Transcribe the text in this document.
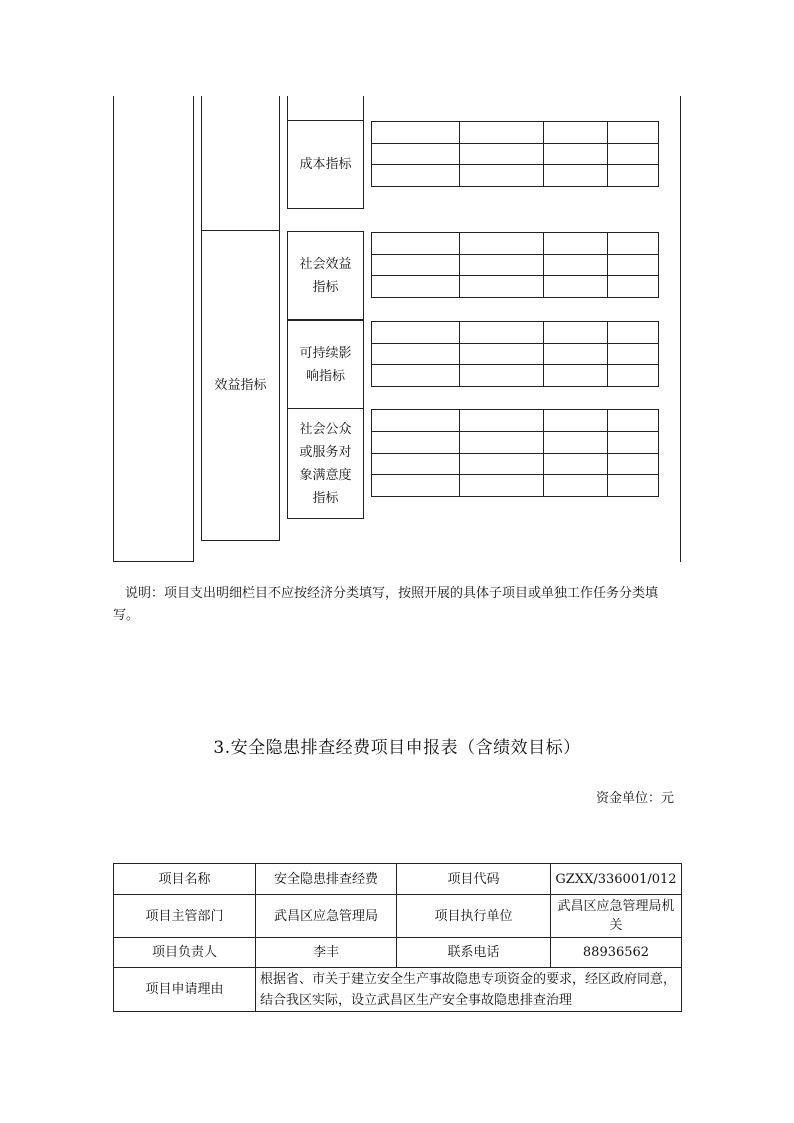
效益指标
成本指标
社会效益
指标
可持续影
响指标
社会公众
或服务对
象满意度
指标

说明：项目支出明细栏目不应按经济分类填写，按照开展的具体子项目或单独工作任务分类填写。
3.安全隐患排查经费项目申报表（含绩效目标）
资金单位：元
项目名称	安全隐患排查经费	项目代码	GZXX/336001/012
项目主管部门	武昌区应急管理局	项目执行单位	武昌区应急管理局机关
项目负责人	李丰	联系电话	88936562
项目申请理由	根据省、市关于建立安全生产事故隐患专项资金的要求，经区政府同意，结合我区实际，设立武昌区生产安全事故隐患排查治理		
